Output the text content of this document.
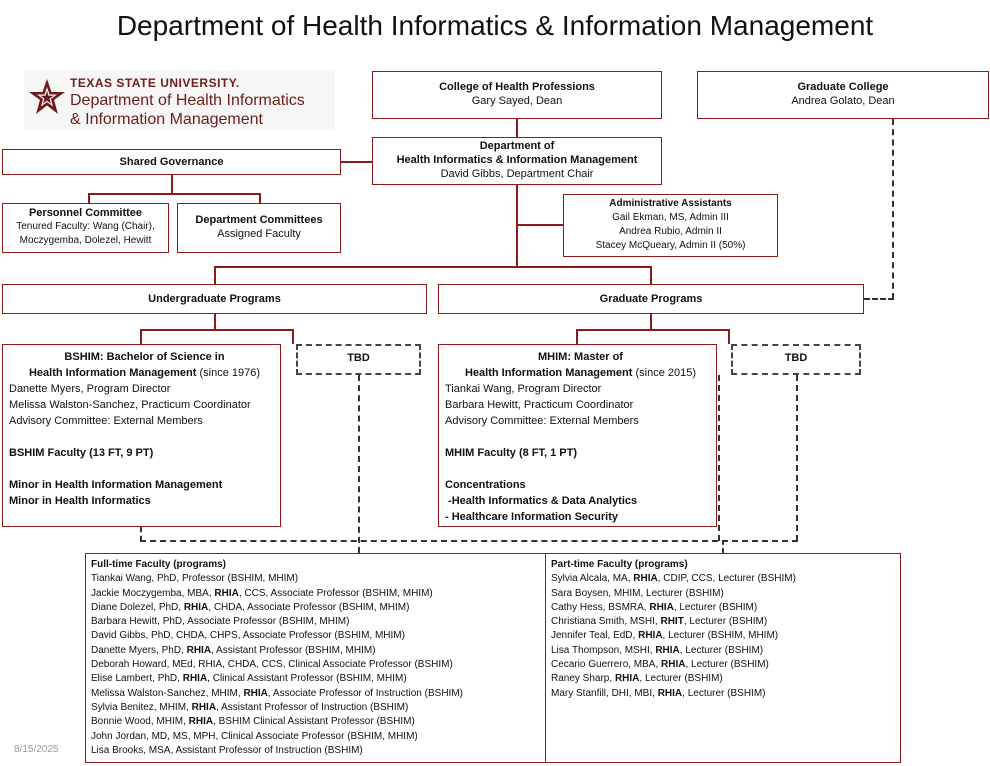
Department of Health Informatics & Information Management
TEXAS STATE UNIVERSITY.
Department of Health Informatics
& Information Management
College of Health Professions
Gary Sayed, Dean
Graduate College
Andrea Golato, Dean
Department of
Health Informatics & Information Management
David Gibbs, Department Chair
Shared Governance
Personnel Committee
Tenured Faculty: Wang (Chair),
Moczygemba, Dolezel, Hewitt
Department Committees
Assigned Faculty
Administrative Assistants
Gail Ekman, MS, Admin III
Andrea Rubio, Admin II
Stacey McQueary, Admin II (50%)
Undergraduate Programs	Graduate Programs
TBD	TBD
BSHIM: Bachelor of Science in
Health Information Management (since 1976)
Danette Myers, Program Director
Melissa Walston-Sanchez, Practicum Coordinator
Advisory Committee: External Members
BSHIM Faculty (13 FT, 9 PT)
Minor in Health Information Management
Minor in Health Informatics
MHIM: Master of
Health Information Management (since 2015)
Tiankai Wang, Program Director
Barbara Hewitt, Practicum Coordinator
Advisory Committee: External Members
MHIM Faculty (8 FT, 1 PT)
Concentrations
-Health Informatics & Data Analytics
- Healthcare Information Security
Full-time Faculty (programs)
Tiankai Wang, PhD, Professor (BSHIM, MHIM)
Jackie Moczygemba, MBA, RHIA, CCS, Associate Professor (BSHIM, MHIM)
Diane Dolezel, PhD, RHIA, CHDA, Associate Professor (BSHIM, MHIM)
Barbara Hewitt, PhD, Associate Professor (BSHIM, MHIM)
David Gibbs, PhD, CHDA, CHPS, Associate Professor (BSHIM, MHIM)
Danette Myers, PhD, RHIA, Assistant Professor (BSHIM, MHIM)
Deborah Howard, MEd, RHIA, CHDA, CCS, Clinical Associate Professor (BSHIM)
Elise Lambert, PhD, RHIA, Clinical Assistant Professor (BSHIM, MHIM)
Melissa Walston-Sanchez, MHIM, RHIA, Associate Professor of Instruction (BSHIM)
Sylvia Benitez, MHIM, RHIA, Assistant Professor of Instruction (BSHIM)
Bonnie Wood, MHIM, RHIA, BSHIM Clinical Assistant Professor (BSHIM)
John Jordan, MD, MS, MPH, Clinical Associate Professor (BSHIM, MHIM)
Lisa Brooks, MSA, Assistant Professor of Instruction (BSHIM)
Part-time Faculty (programs)
Sylvia Alcala, MA, RHIA, CDIP, CCS, Lecturer (BSHIM)
Sara Boysen, MHIM, Lecturer (BSHIM)
Cathy Hess, BSMRA, RHIA, Lecturer (BSHIM)
Christiana Smith, MSHI, RHIT, Lecturer (BSHIM)
Jennifer Teal, EdD, RHIA, Lecturer (BSHIM, MHIM)
Lisa Thompson, MSHI, RHIA, Lecturer (BSHIM)
Cecario Guerrero, MBA, RHIA, Lecturer (BSHIM)
Raney Sharp, RHIA, Lecturer (BSHIM)
Mary Stanfill, DHI, MBI, RHIA, Lecturer (BSHIM)
8/15/2025
